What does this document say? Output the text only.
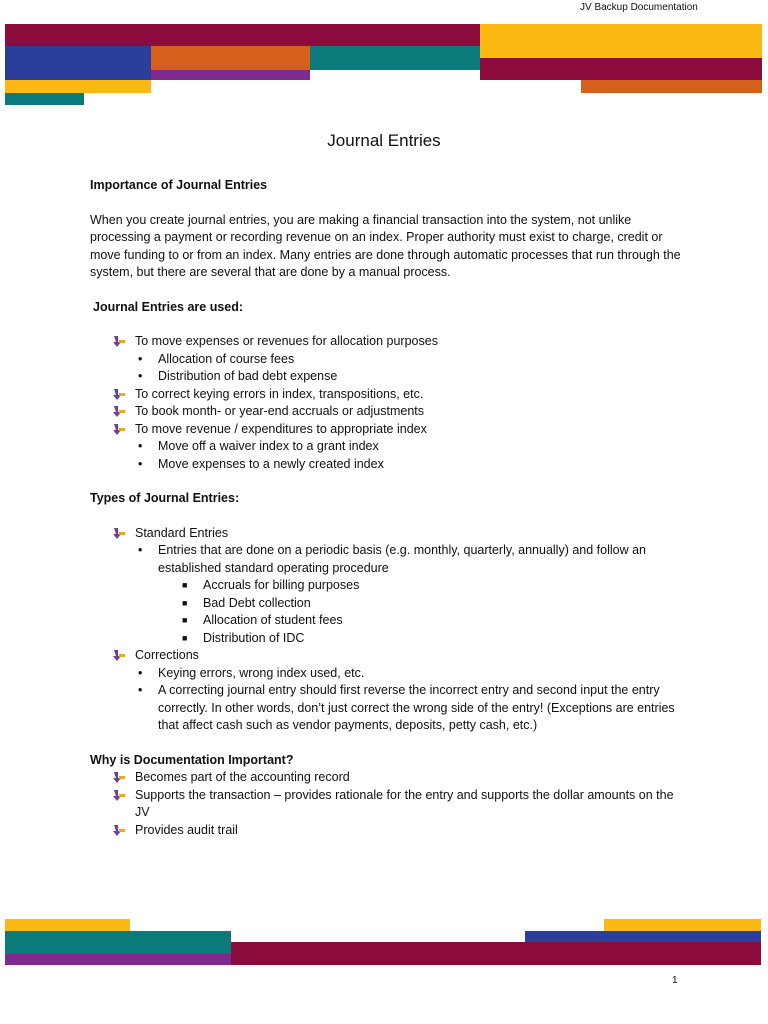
JV Backup Documentation
Journal Entries

Importance of Journal Entries

When you create journal entries, you are making a financial transaction into the system, not unlike processing a payment or recording revenue on an index. Proper authority must exist to charge, credit or move funding to or from an index. Many entries are done through automatic processes that run through the system, but there are several that are done by a manual process.

Journal Entries are used:

To move expenses or revenues for allocation purposes
• Allocation of course fees
• Distribution of bad debt expense
To correct keying errors in index, transpositions, etc.
To book month- or year-end accruals or adjustments
To move revenue / expenditures to appropriate index
• Move off a waiver index to a grant index
• Move expenses to a newly created index

Types of Journal Entries:

Standard Entries
• Entries that are done on a periodic basis (e.g. monthly, quarterly, annually) and follow an established standard operating procedure
■ Accruals for billing purposes
■ Bad Debt collection
■ Allocation of student fees
■ Distribution of IDC
Corrections
• Keying errors, wrong index used, etc.
• A correcting journal entry should first reverse the incorrect entry and second input the entry correctly. In other words, don’t just correct the wrong side of the entry! (Exceptions are entries that affect cash such as vendor payments, deposits, petty cash, etc.)

Why is Documentation Important?

Becomes part of the accounting record
Supports the transaction – provides rationale for the entry and supports the dollar amounts on the JV
Provides audit trail
1
